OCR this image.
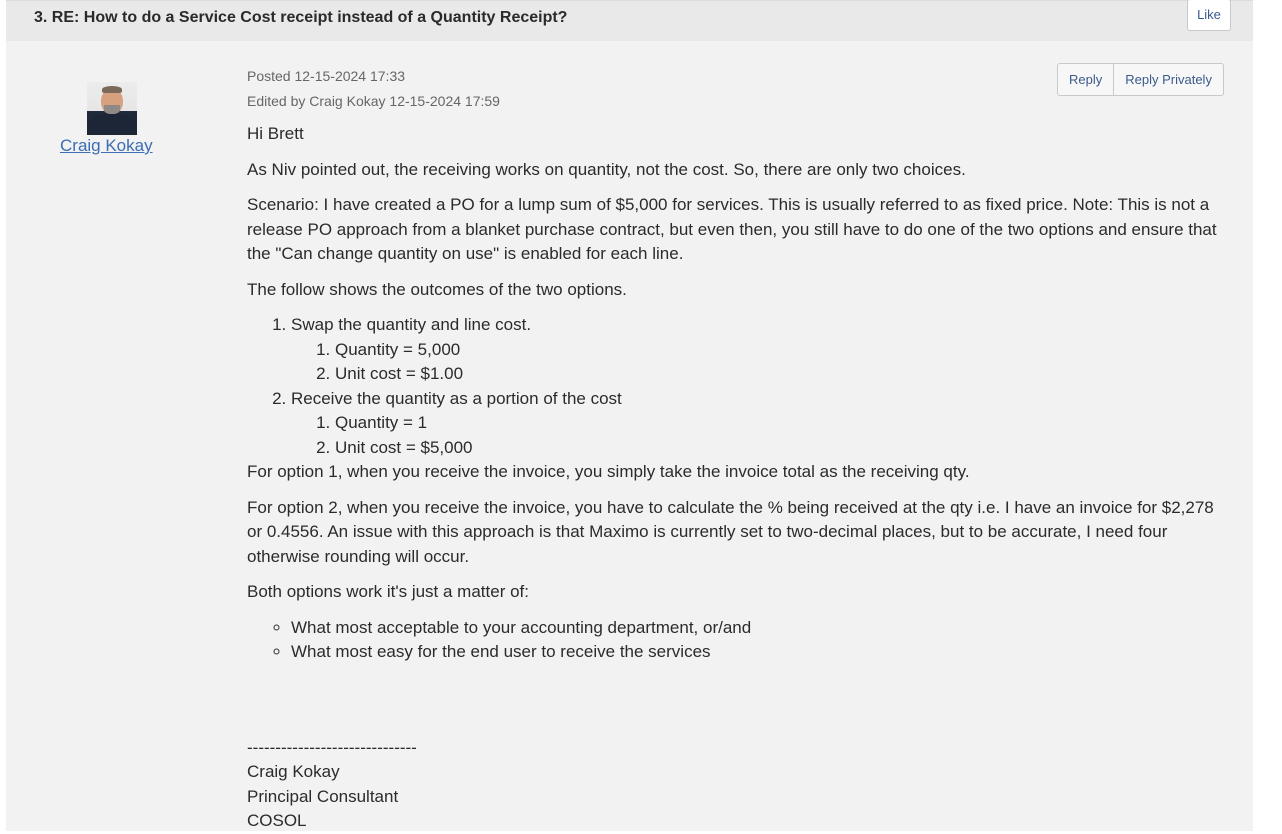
3. RE: How to do a Service Cost receipt instead of a Quantity Receipt?	Like
Craig Kokay
Posted 12-15-2024 17:33
Edited by Craig Kokay 12-15-2024 17:59
Reply	Reply Privately

Hi Brett

As Niv pointed out, the receiving works on quantity, not the cost. So, there are only two choices.

Scenario: I have created a PO for a lump sum of $5,000 for services. This is usually referred to as fixed price. Note: This is not a release PO approach from a blanket purchase contract, but even then, you still have to do one of the two options and ensure that the "Can change quantity on use" is enabled for each line.

The follow shows the outcomes of the two options.

1. Swap the quantity and line cost.
1. Quantity = 5,000
2. Unit cost = $1.00
2. Receive the quantity as a portion of the cost
1. Quantity = 1
2. Unit cost = $5,000

For option 1, when you receive the invoice, you simply take the invoice total as the receiving qty.

For option 2, when you receive the invoice, you have to calculate the % being received at the qty i.e. I have an invoice for $2,278 or 0.4556. An issue with this approach is that Maximo is currently set to two-decimal places, but to be accurate, I need four otherwise rounding will occur.

Both options work it's just a matter of:

◦ What most acceptable to your accounting department, or/and
◦ What most easy for the end user to receive the services
------------------------------
Craig Kokay
Principal Consultant
COSOL
